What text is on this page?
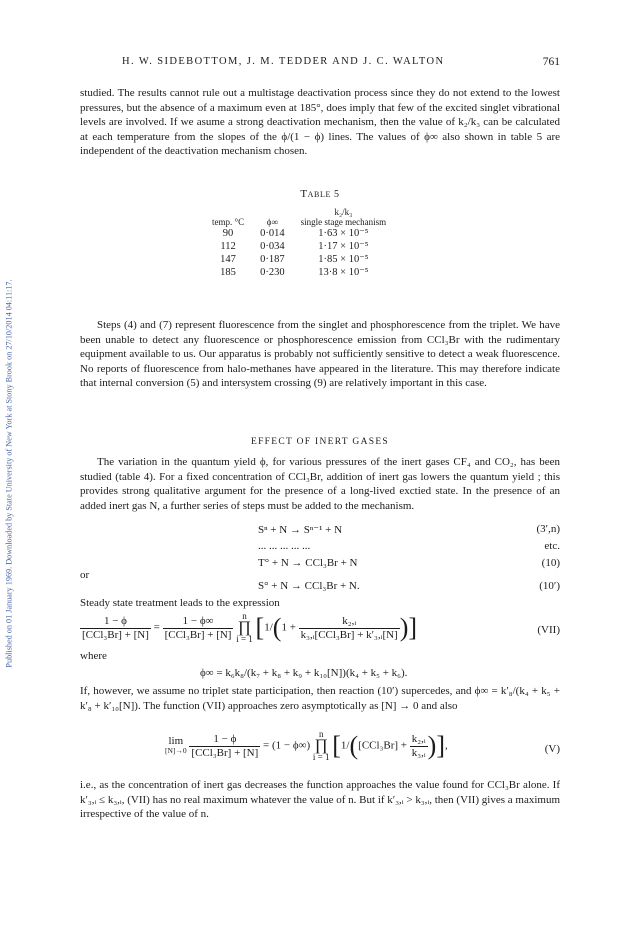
Published on 01 January 1969. Downloaded by State University of New York at Stony Brook on 27/10/2014 04:11:17.
H. W. SIDEBOTTOM, J. M. TEDDER AND J. C. WALTON	761

studied. The results cannot rule out a multistage deactivation process since they do not extend to the lowest pressures, but the absence of a maximum even at 185°, does imply that few of the excited singlet vibrational levels are involved. If we asume a strong deactivation mechanism, then the value of k₂/k₃ can be calculated at each temperature from the slopes of the ϕ/(1 − ϕ) lines. The values of ϕ∞ also shown in table 5 are independent of the deactivation mechanism chosen.

Table 5
temp. °C	ϕ∞	k₂/k₃
single stage mechanism

90	0·014	1·63 × 10⁻⁵
112	0·034	1·17 × 10⁻⁵
147	0·187	1·85 × 10⁻⁵
185	0·230	13·8 × 10⁻⁵

Steps (4) and (7) represent fluorescence from the singlet and phosphorescence from the triplet. We have been unable to detect any fluorescence or phosphorescence emission from CCl₃Br with the rudimentary equipment available to us. Our apparatus is probably not sufficiently sensitive to detect a weak fluorescence. No reports of fluorescence from halo-methanes have appeared in the literature. This may therefore indicate that internal conversion (5) and intersystem crossing (9) are relatively important in this case.

EFFECT OF INERT GASES

The variation in the quantum yield ϕ, for various pressures of the inert gases CF₄ and CO₂, has been studied (table 4). For a fixed concentration of CCl₃Br, addition of inert gas lowers the quantum yield ; this provides strong qualitative argument for the presence of a long-lived exctied state. In the presence of an added inert gas N, a further series of steps must be added to the mechanism.

Sⁿ + N → Sⁿ⁻¹ + N	(3′,n)
... ... ... ... ...	etc.
T° + N → CCl₃Br + N	(10)
or
S° + N → CCl₃Br + N.	(10′)

Steady state treatment leads to the expression

$\frac{1 - \phi}{\text{[CCl₃Br] + [N]}} = \frac{1 - \phi\infty}{\text{[CCl₃Br] + [N]}}$
n
∏
i = 1 [$1/(1 + \frac{\text{k₂,ᵢ}}{\text{k₃,ᵢ[CCl₃Br] + k′₃,ᵢ[N]}}$ )]	(VII)
where
ϕ∞ = k₆k₈/(k₇ + k₈ + k₉ + k₁₀[N])(k₄ + k₅ + k₆).

If, however, we assume no triplet state participation, then reaction (10′) supercedes, and ϕ∞ = k′₈/(k₄ + k₅ + k′₈ + k′₁₀[N]). The function (VII) approaches zero asymptotically as [N] → 0 and also

lim
[N]→0
$\frac{1 - \phi}{\text{[CCl₃Br] + [N]}} = (1 - \phi\infty)$
n
∏
i = 1 [$1/([CCl_3Br] + \frac{\text{k₂,ᵢ}}{\text{k₃,ᵢ}}$ )],	(V)

i.e., as the concentration of inert gas decreases the function approaches the value found for CCl₃Br alone. If k′₃,ᵢ ≤ k₃,ᵢ, (VII) has no real maximum whatever the value of n. But if k′₃,ᵢ > k₃,ᵢ, then (VII) gives a maximum irrespective of the value of n.
